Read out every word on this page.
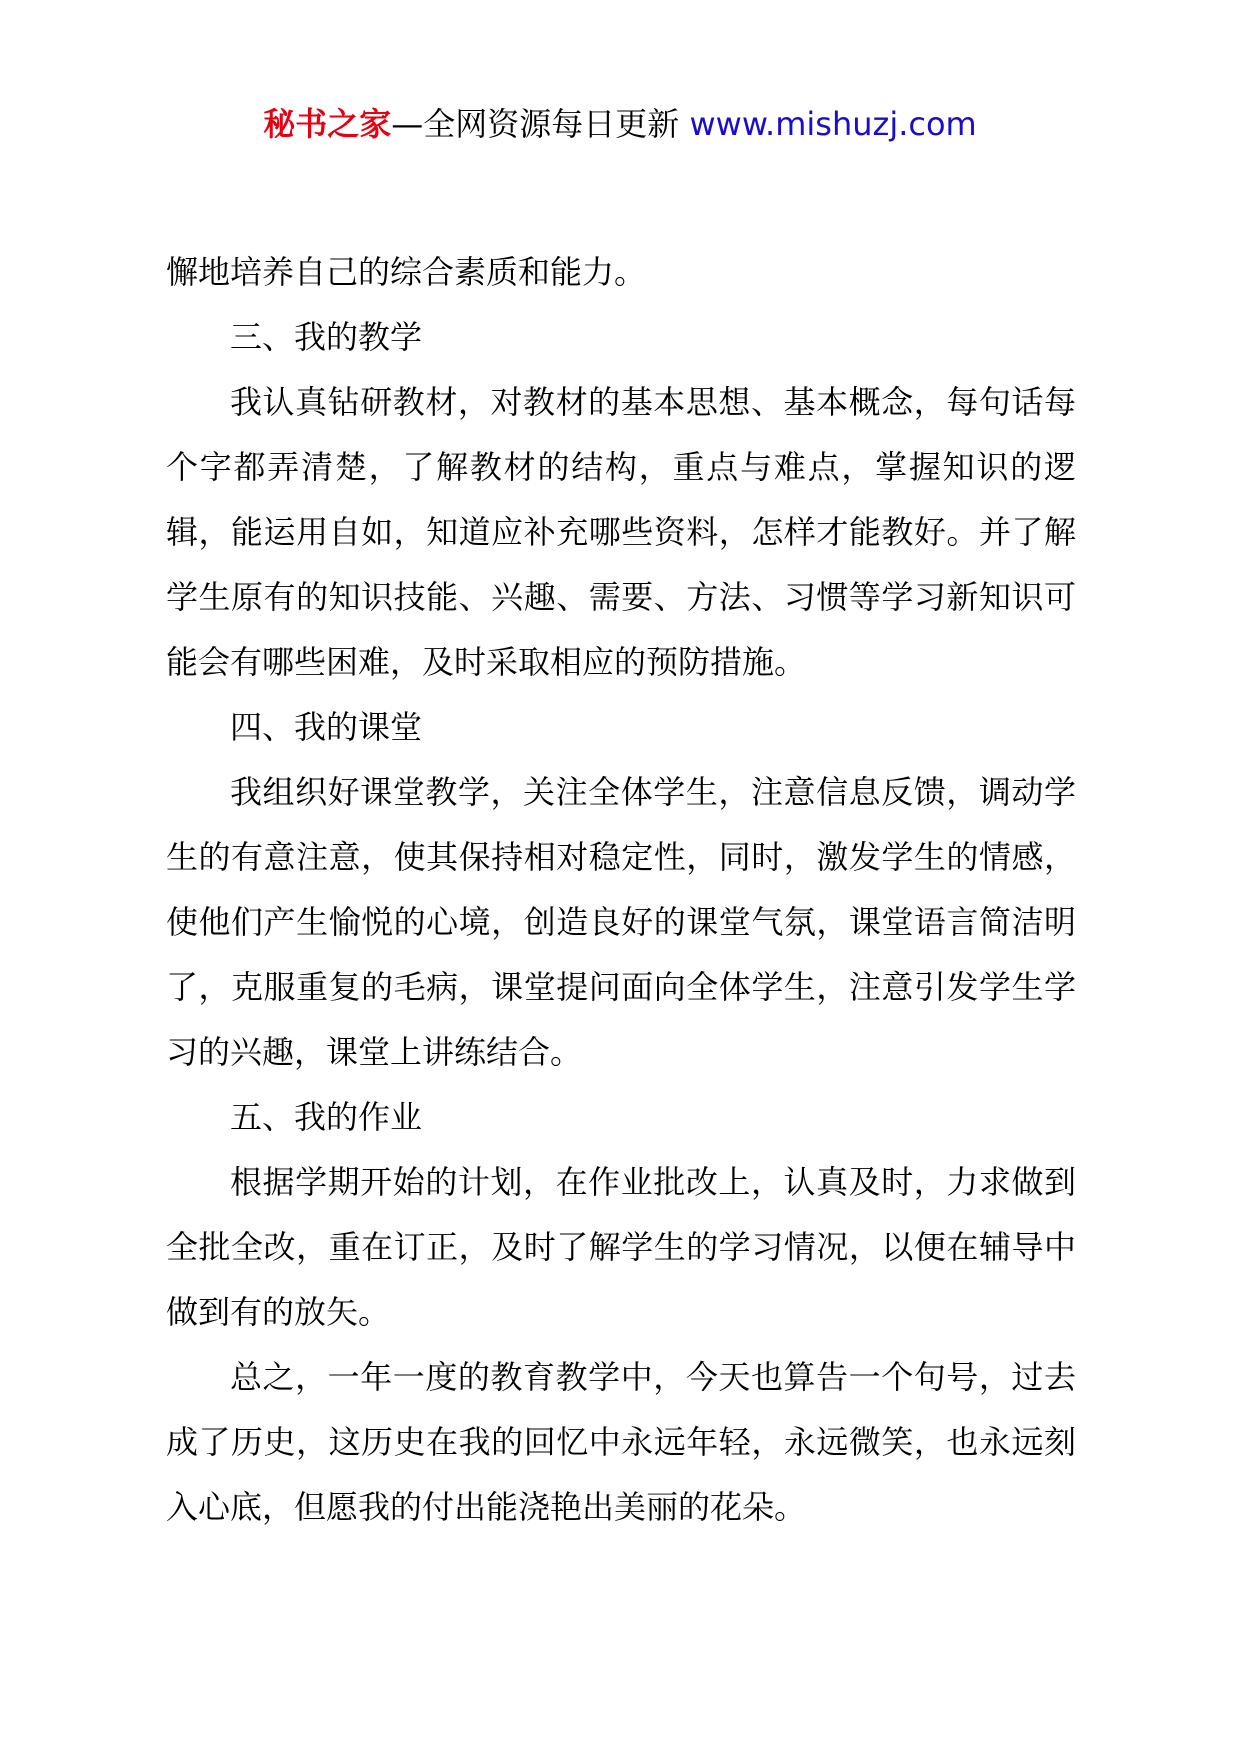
秘书之家—全网资源每日更新 www.mishuzj.com

懈地培养自己的综合素质和能力。

三、我的教学

我认真钻研教材，对教材的基本思想、基本概念，每句话每个字都弄清楚，了解教材的结构，重点与难点，掌握知识的逻辑，能运用自如，知道应补充哪些资料，怎样才能教好。并了解学生原有的知识技能、兴趣、需要、方法、习惯等学习新知识可能会有哪些困难，及时采取相应的预防措施。

四、我的课堂

我组织好课堂教学，关注全体学生，注意信息反馈，调动学生的有意注意，使其保持相对稳定性，同时，激发学生的情感，使他们产生愉悦的心境，创造良好的课堂气氛，课堂语言简洁明了，克服重复的毛病，课堂提问面向全体学生，注意引发学生学习的兴趣，课堂上讲练结合。

五、我的作业

根据学期开始的计划，在作业批改上，认真及时，力求做到全批全改，重在订正，及时了解学生的学习情况，以便在辅导中做到有的放矢。

总之，一年一度的教育教学中，今天也算告一个句号，过去成了历史，这历史在我的回忆中永远年轻，永远微笑，也永远刻入心底，但愿我的付出能浇艳出美丽的花朵。
